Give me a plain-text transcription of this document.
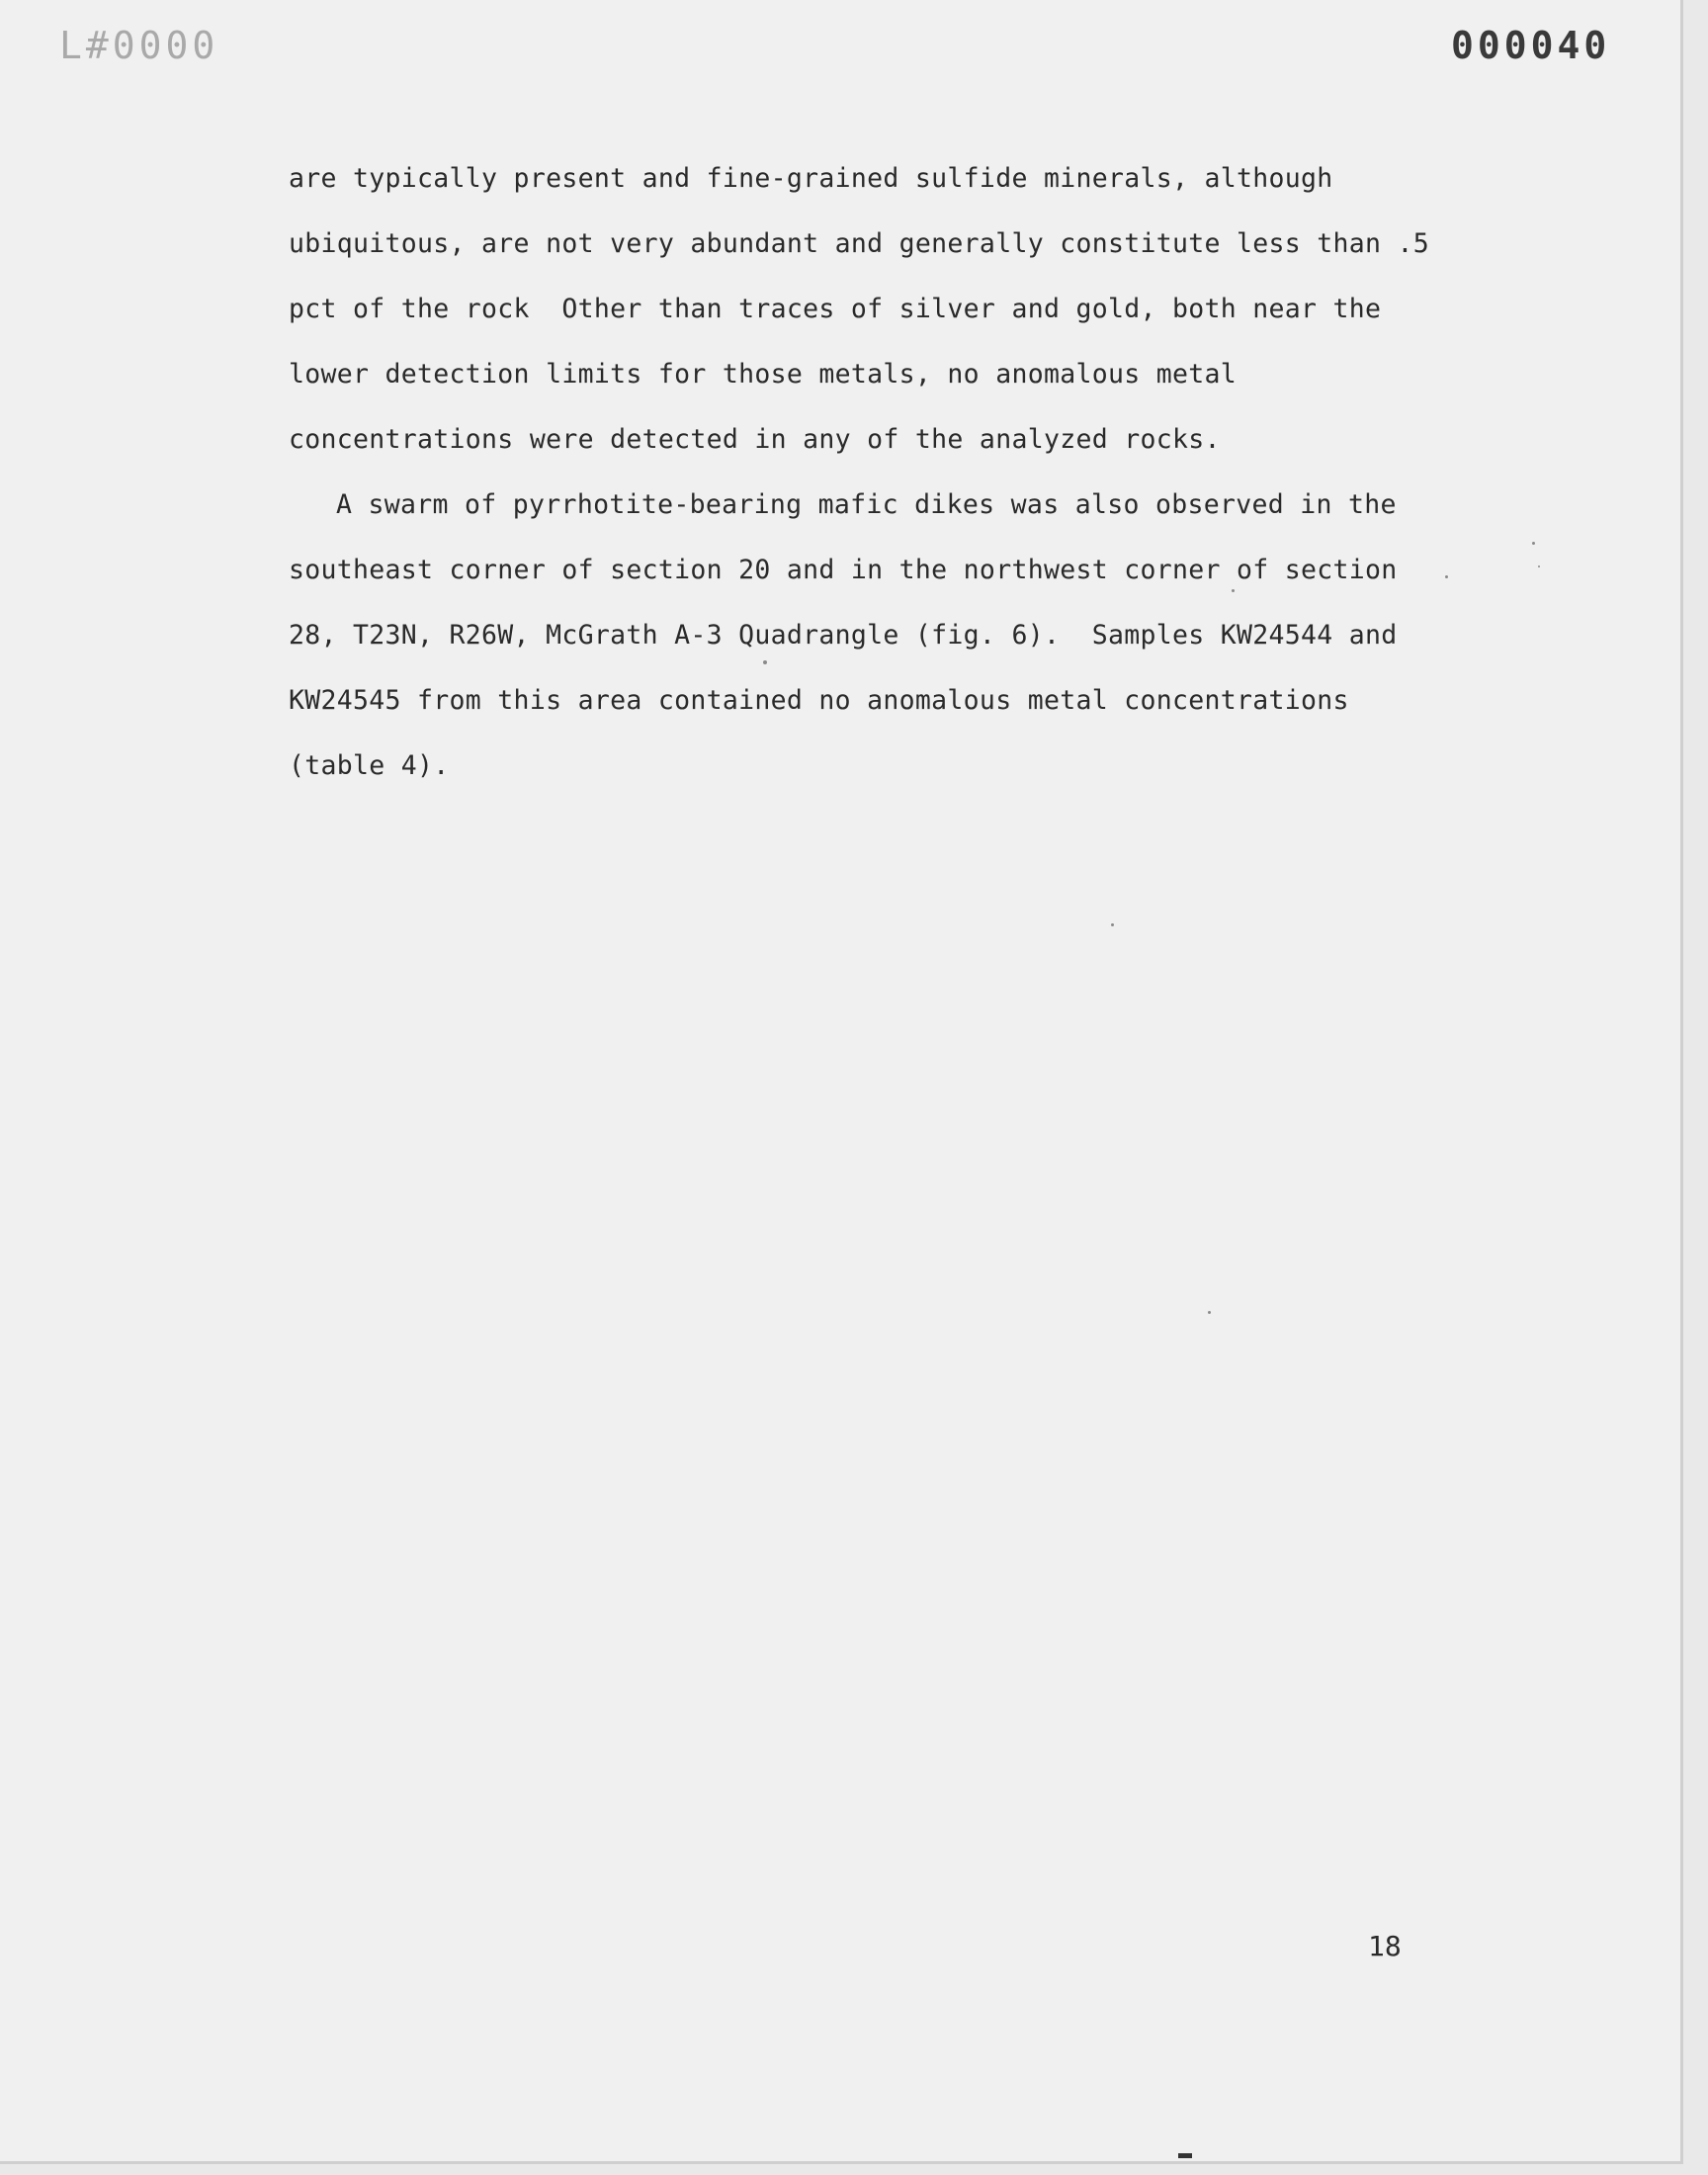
L#0000	000040
are typically present and fine-grained sulfide minerals, although
ubiquitous, are not very abundant and generally constitute less than .5
pct of the rock  Other than traces of silver and gold, both near the
lower detection limits for those metals, no anomalous metal
concentrations were detected in any of the analyzed rocks.
A swarm of pyrrhotite-bearing mafic dikes was also observed in the
southeast corner of section 20 and in the northwest corner of section
28, T23N, R26W, McGrath A-3 Quadrangle (fig. 6).  Samples KW24544 and
KW24545 from this area contained no anomalous metal concentrations
(table 4).
18
